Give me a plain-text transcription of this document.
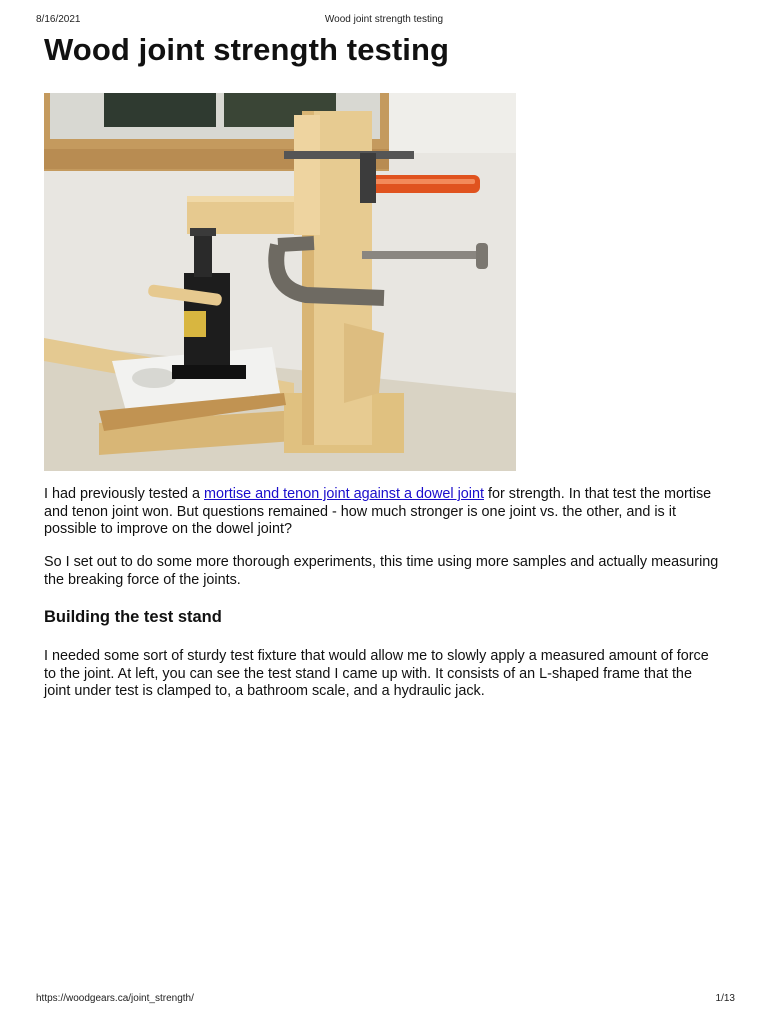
8/16/2021	Wood joint strength testing
Wood joint strength testing

I had previously tested a mortise and tenon joint against a dowel joint for strength. In that test the mortise and tenon joint won. But questions remained - how much stronger is one joint vs. the other, and is it possible to improve on the dowel joint?

So I set out to do some more thorough experiments, this time using more samples and actually measuring the breaking force of the joints.

Building the test stand

I needed some sort of sturdy test fixture that would allow me to slowly apply a measured amount of force to the joint. At left, you can see the test stand I came up with. It consists of an L-shaped frame that the joint under test is clamped to, a bathroom scale, and a hydraulic jack.

https://woodgears.ca/joint_strength/	1/13
